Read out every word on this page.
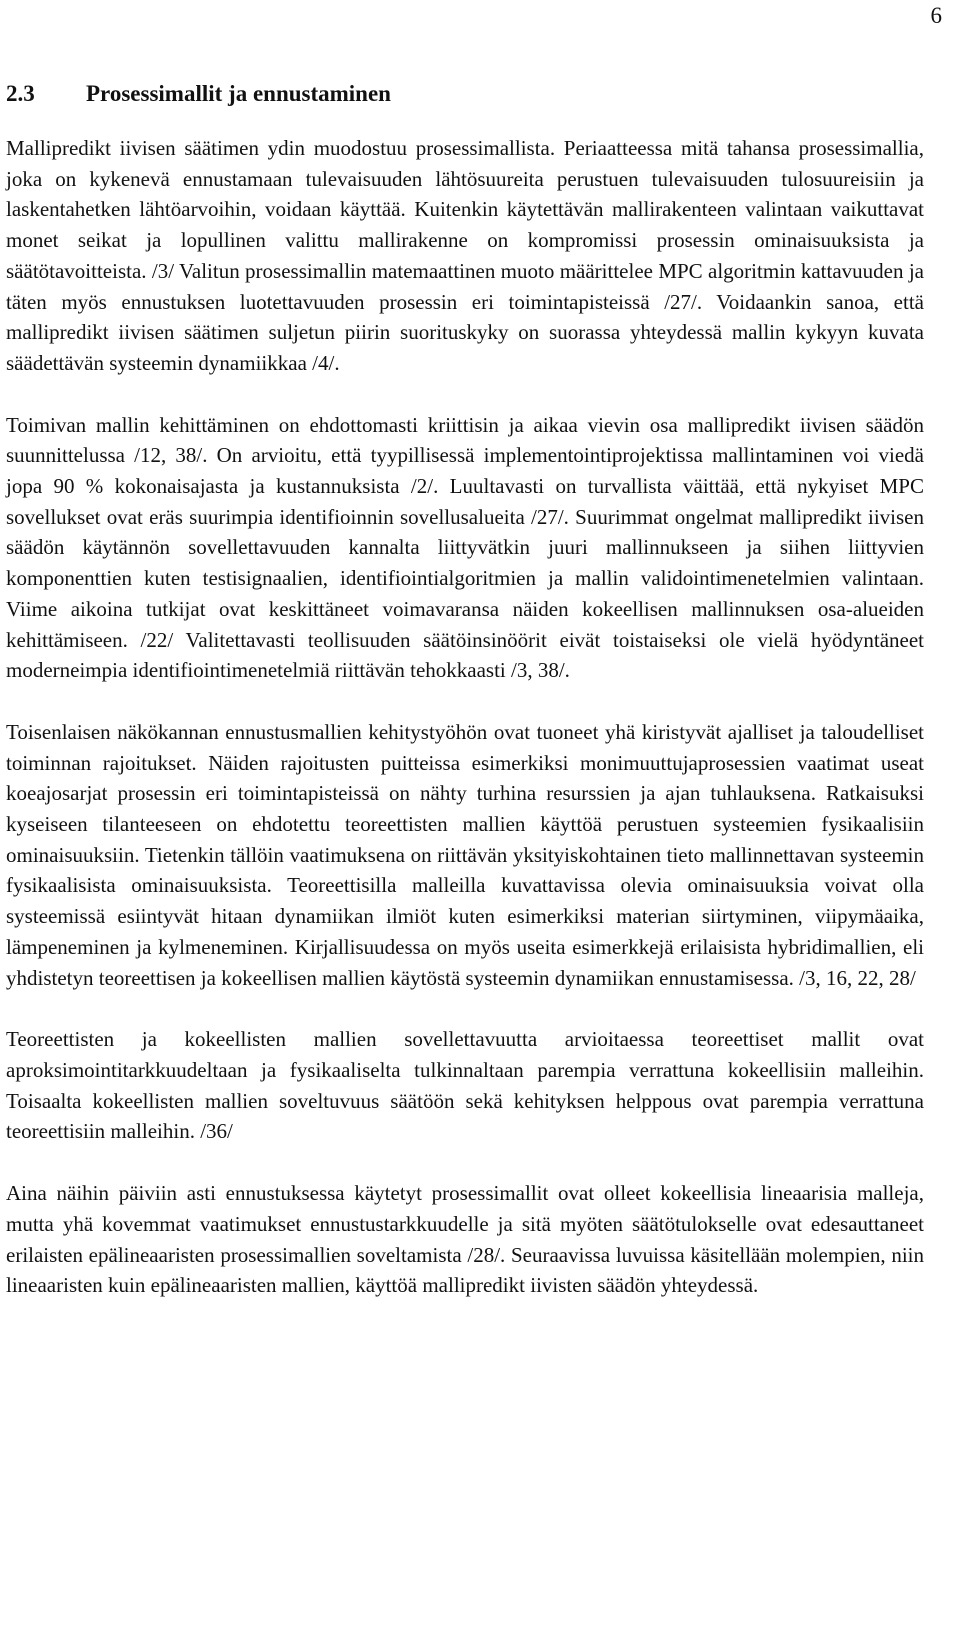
6
2.3 Prosessimallit ja ennustaminen

Mallipredikt iivisen säätimen ydin muodostuu prosessimallista. Periaatteessa mitä tahansa prosessimallia, joka on kykenevä ennustamaan tulevaisuuden lähtösuureita perustuen tulevaisuuden tulosuureisiin ja laskentahetken lähtöarvoihin, voidaan käyttää. Kuitenkin käytettävän mallirakenteen valintaan vaikuttavat monet seikat ja lopullinen valittu mallirakenne on kompromissi prosessin ominaisuuksista ja säätötavoitteista. /3/ Valitun prosessimallin matemaattinen muoto määrittelee MPC algoritmin kattavuuden ja täten myös ennustuksen luotettavuuden prosessin eri toimintapisteissä /27/. Voidaankin sanoa, että mallipredikt iivisen säätimen suljetun piirin suorituskyky on suorassa yhteydessä mallin kykyyn kuvata säädettävän systeemin dynamiikkaa /4/.

Toimivan mallin kehittäminen on ehdottomasti kriittisin ja aikaa vievin osa mallipredikt iivisen säädön suunnittelussa /12, 38/. On arvioitu, että tyypillisessä implementointiprojektissa mallintaminen voi viedä jopa 90 % kokonaisajasta ja kustannuksista /2/. Luultavasti on turvallista väittää, että nykyiset MPC sovellukset ovat eräs suurimpia identifioinnin sovellusalueita /27/. Suurimmat ongelmat mallipredikt iivisen säädön käytännön sovellettavuuden kannalta liittyvätkin juuri mallinnukseen ja siihen liittyvien komponenttien kuten testisignaalien, identifiointialgoritmien ja mallin validointimenetelmien valintaan. Viime aikoina tutkijat ovat keskittäneet voimavaransa näiden kokeellisen mallinnuksen osa-alueiden kehittämiseen. /22/ Valitettavasti teollisuuden säätöinsinöörit eivät toistaiseksi ole vielä hyödyntäneet moderneimpia identifiointimenetelmiä riittävän tehokkaasti /3, 38/.

Toisenlaisen näkökannan ennustusmallien kehitystyöhön ovat tuoneet yhä kiristyvät ajalliset ja taloudelliset toiminnan rajoitukset. Näiden rajoitusten puitteissa esimerkiksi monimuuttujaprosessien vaatimat useat koeajosarjat prosessin eri toimintapisteissä on nähty turhina resurssien ja ajan tuhlauksena. Ratkaisuksi kyseiseen tilanteeseen on ehdotettu teoreettisten mallien käyttöä perustuen systeemien fysikaalisiin ominaisuuksiin. Tietenkin tällöin vaatimuksena on riittävän yksityiskohtainen tieto mallinnettavan systeemin fysikaalisista ominaisuuksista. Teoreettisilla malleilla kuvattavissa olevia ominaisuuksia voivat olla systeemissä esiintyvät hitaan dynamiikan ilmiöt kuten esimerkiksi materian siirtyminen, viipymäaika, lämpeneminen ja kylmeneminen. Kirjallisuudessa on myös useita esimerkkejä erilaisista hybridimallien, eli yhdistetyn teoreettisen ja kokeellisen mallien käytöstä systeemin dynamiikan ennustamisessa. /3, 16, 22, 28/

Teoreettisten ja kokeellisten mallien sovellettavuutta arvioitaessa teoreettiset mallit ovat aproksimointitarkkuudeltaan ja fysikaaliselta tulkinnaltaan parempia verrattuna kokeellisiin malleihin. Toisaalta kokeellisten mallien soveltuvuus säätöön sekä kehityksen helppous ovat parempia verrattuna teoreettisiin malleihin. /36/

Aina näihin päiviin asti ennustuksessa käytetyt prosessimallit ovat olleet kokeellisia lineaarisia malleja, mutta yhä kovemmat vaatimukset ennustustarkkuudelle ja sitä myöten säätötulokselle ovat edesauttaneet erilaisten epälineaaristen prosessimallien soveltamista /28/. Seuraavissa luvuissa käsitellään molempien, niin lineaaristen kuin epälineaaristen mallien, käyttöä mallipredikt iivisten säädön yhteydessä.
